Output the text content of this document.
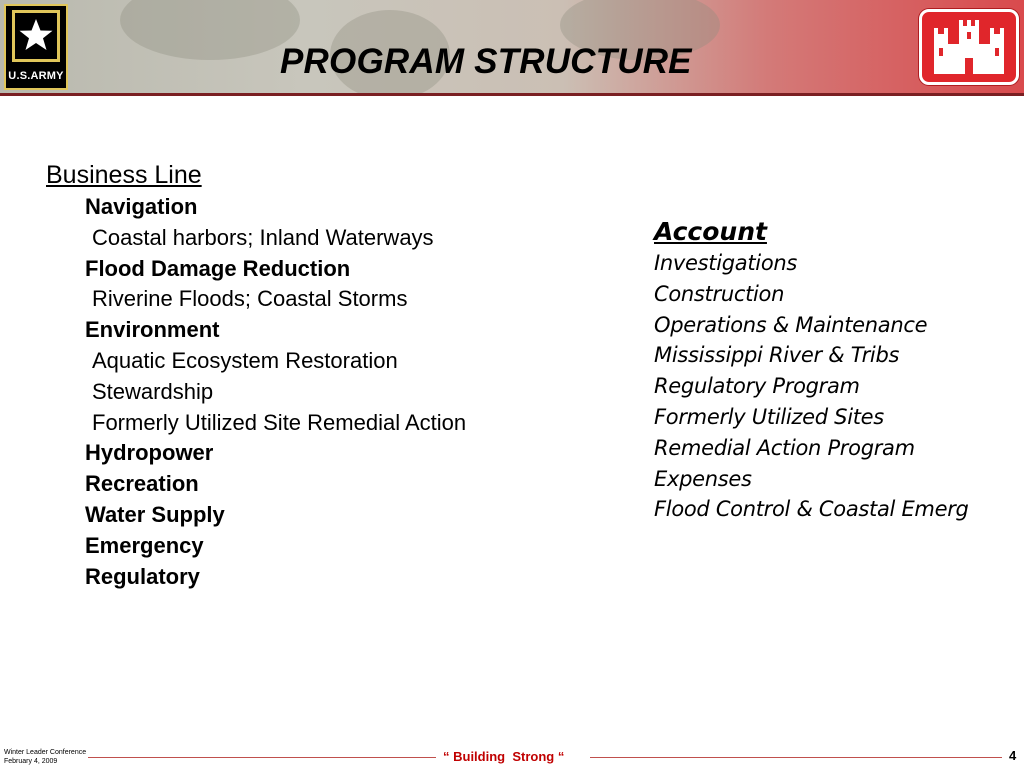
U.S.ARMY	PROGRAM STRUCTURE
Business Line
Navigation
Coastal harbors; Inland Waterways
Flood Damage Reduction
Riverine Floods; Coastal Storms
Environment
Aquatic Ecosystem Restoration
Stewardship
Formerly Utilized Site Remedial Action
Hydropower
Recreation
Water Supply
Emergency
Regulatory
Account
Investigations
Construction
Operations & Maintenance
Mississippi River & Tribs
Regulatory Program
Formerly Utilized Sites
Remedial Action Program
Expenses
Flood Control & Coastal Emerg
Winter Leader Conference
February 4, 2009	“ Building  Strong “	4
